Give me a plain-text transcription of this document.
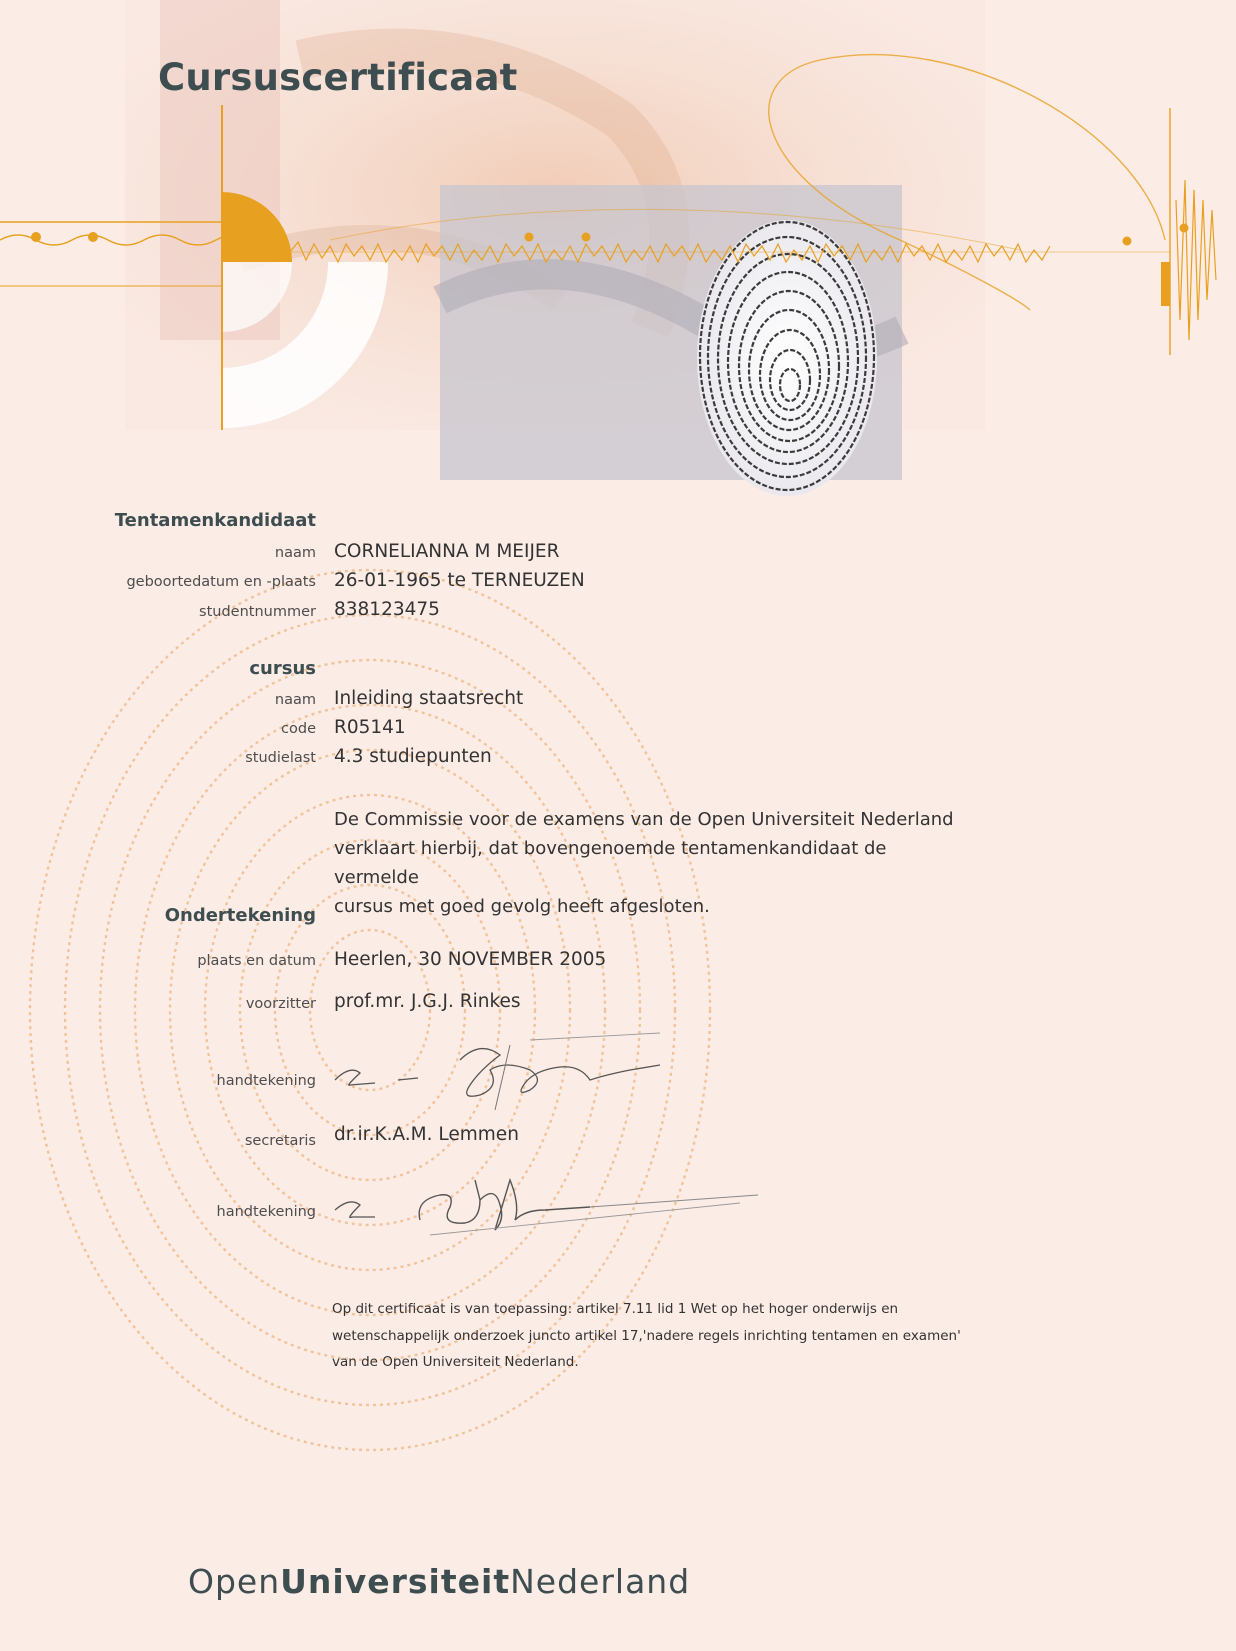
Cursuscertificaat
Tentamenkandidaat
naam CORNELIANNA M MEIJER
geboortedatum en -plaats 26-01-1965 te TERNEUZEN
studentnummer 838123475
cursus
naam Inleiding staatsrecht
code R05141
studielast 4.3 studiepunten

De Commissie voor de examens van de Open Universiteit Nederland
verklaart hierbij, dat bovengenoemde tentamenkandidaat de vermelde
cursus met goed gevolg heeft afgesloten.

Ondertekening
plaats en datum Heerlen, 30 NOVEMBER 2005
voorzitter prof.mr. J.G.J. Rinkes
handtekening
secretaris dr.ir.K.A.M. Lemmen
handtekening

Op dit certificaat is van toepassing: artikel 7.11 lid 1 Wet op het hoger onderwijs en
wetenschappelijk onderzoek juncto artikel 17,'nadere regels inrichting tentamen en examen'
van de Open Universiteit Nederland.

OpenUniversiteitNederland
